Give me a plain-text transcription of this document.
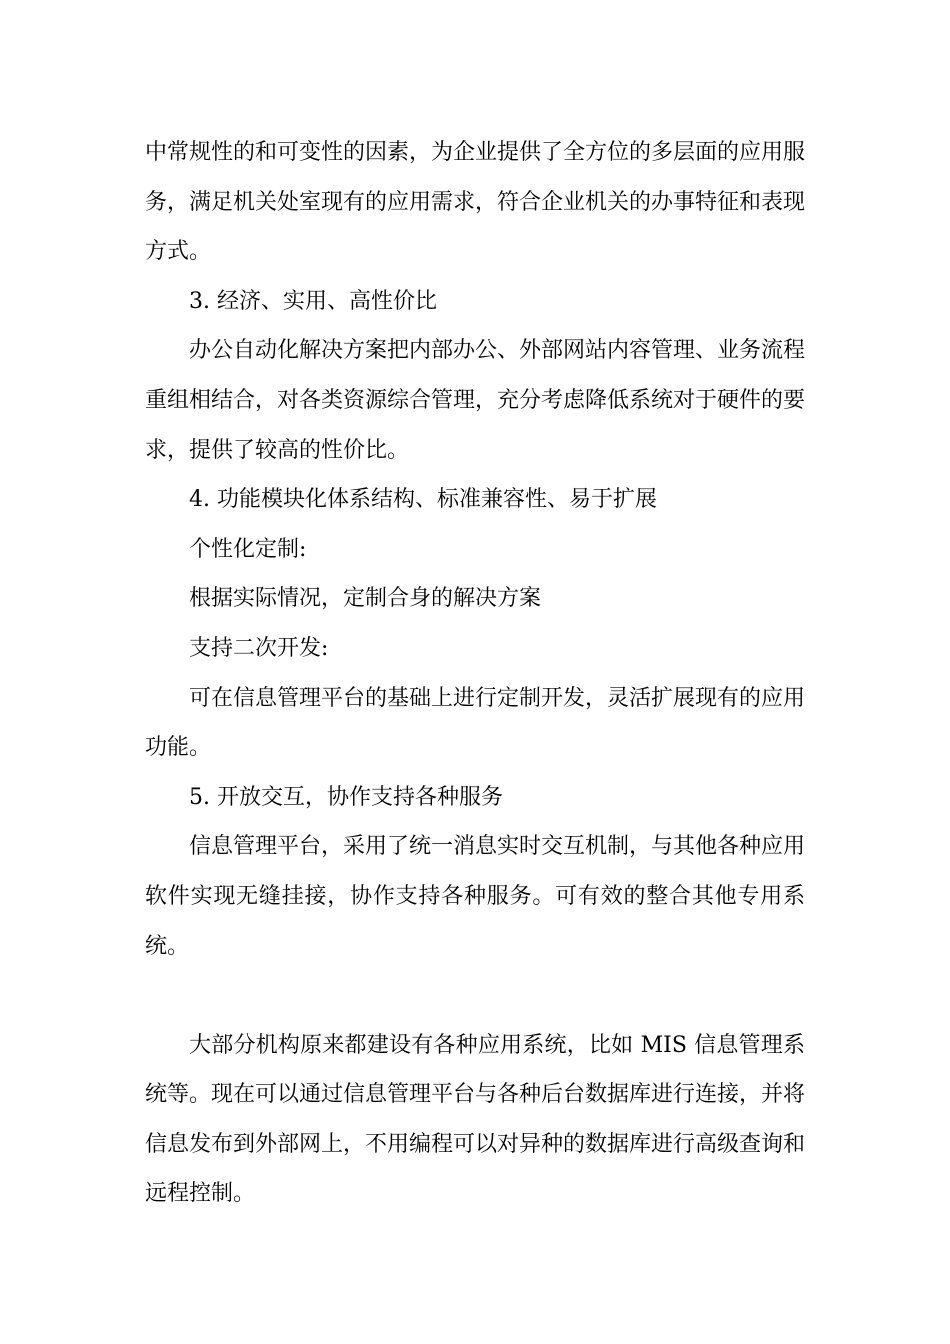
中常规性的和可变性的因素，为企业提供了全方位的多层面的应用服务，满足机关处室现有的应用需求，符合企业机关的办事特征和表现方式。

3. 经济、实用、高性价比

办公自动化解决方案把内部办公、外部网站内容管理、业务流程重组相结合，对各类资源综合管理，充分考虑降低系统对于硬件的要求，提供了较高的性价比。

4. 功能模块化体系结构、标准兼容性、易于扩展

个性化定制:

根据实际情况，定制合身的解决方案

支持二次开发:

可在信息管理平台的基础上进行定制开发，灵活扩展现有的应用功能。

5. 开放交互，协作支持各种服务

信息管理平台，采用了统一消息实时交互机制，与其他各种应用软件实现无缝挂接，协作支持各种服务。可有效的整合其他专用系统。

大部分机构原来都建设有各种应用系统，比如 MIS 信息管理系统等。现在可以通过信息管理平台与各种后台数据库进行连接，并将信息发布到外部网上，不用编程可以对异种的数据库进行高级查询和远程控制。
